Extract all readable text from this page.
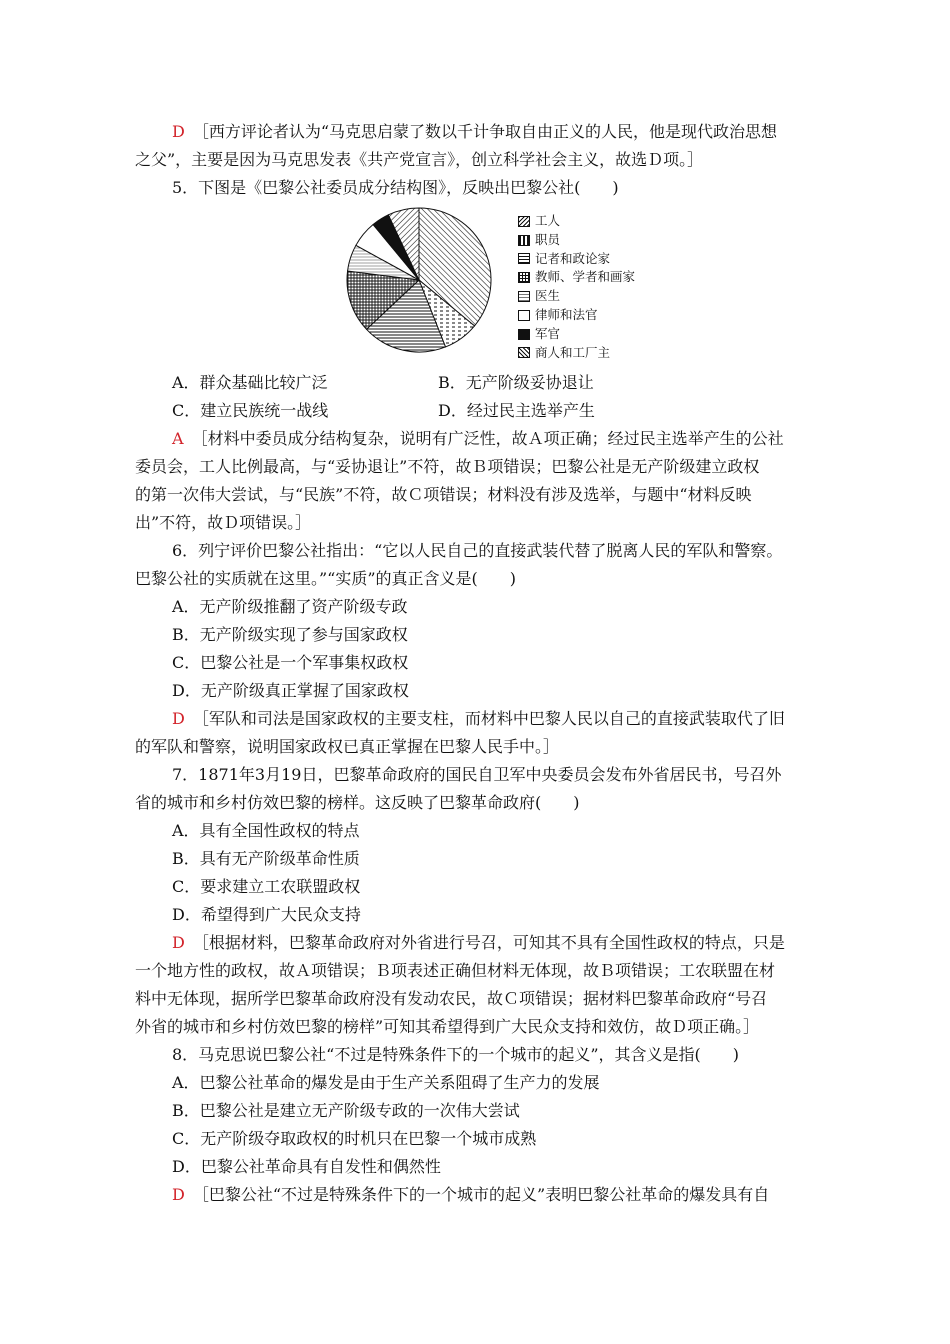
D ［西方评论者认为“马克思启蒙了数以千计争取自由正义的人民，他是现代政治思想
之父”，主要是因为马克思发表《共产党宣言》，创立科学社会主义，故选Ｄ项。］
5．下图是《巴黎公社委员成分结构图》，反映出巴黎公社(　　)
工人
职员
记者和政论家
教师、学者和画家
医生
律师和法官
军官
商人和工厂主
A．群众基础比较广泛	B．无产阶级妥协退让
C．建立民族统一战线	D．经过民主选举产生
A ［材料中委员成分结构复杂，说明有广泛性，故Ａ项正确；经过民主选举产生的公社
委员会，工人比例最高，与“妥协退让”不符，故Ｂ项错误；巴黎公社是无产阶级建立政权
的第一次伟大尝试，与“民族”不符，故Ｃ项错误；材料没有涉及选举，与题中“材料反映
出”不符，故Ｄ项错误。］
6．列宁评价巴黎公社指出：“它以人民自己的直接武装代替了脱离人民的军队和警察。
巴黎公社的实质就在这里。”“实质”的真正含义是(　　)
A．无产阶级推翻了资产阶级专政
B．无产阶级实现了参与国家政权
C．巴黎公社是一个军事集权政权
D．无产阶级真正掌握了国家政权
D ［军队和司法是国家政权的主要支柱，而材料中巴黎人民以自己的直接武装取代了旧
的军队和警察，说明国家政权已真正掌握在巴黎人民手中。］
7．1871年3月19日，巴黎革命政府的国民自卫军中央委员会发布外省居民书，号召外
省的城市和乡村仿效巴黎的榜样。这反映了巴黎革命政府(　　)
A．具有全国性政权的特点
B．具有无产阶级革命性质
C．要求建立工农联盟政权
D．希望得到广大民众支持
D ［根据材料，巴黎革命政府对外省进行号召，可知其不具有全国性政权的特点，只是
一个地方性的政权，故Ａ项错误；Ｂ项表述正确但材料无体现，故Ｂ项错误；工农联盟在材
料中无体现，据所学巴黎革命政府没有发动农民，故Ｃ项错误；据材料巴黎革命政府“号召
外省的城市和乡村仿效巴黎的榜样”可知其希望得到广大民众支持和效仿，故Ｄ项正确。］
8．马克思说巴黎公社“不过是特殊条件下的一个城市的起义”，其含义是指(　　)
A．巴黎公社革命的爆发是由于生产关系阻碍了生产力的发展
B．巴黎公社是建立无产阶级专政的一次伟大尝试
C．无产阶级夺取政权的时机只在巴黎一个城市成熟
D．巴黎公社革命具有自发性和偶然性
D ［巴黎公社“不过是特殊条件下的一个城市的起义”表明巴黎公社革命的爆发具有自
